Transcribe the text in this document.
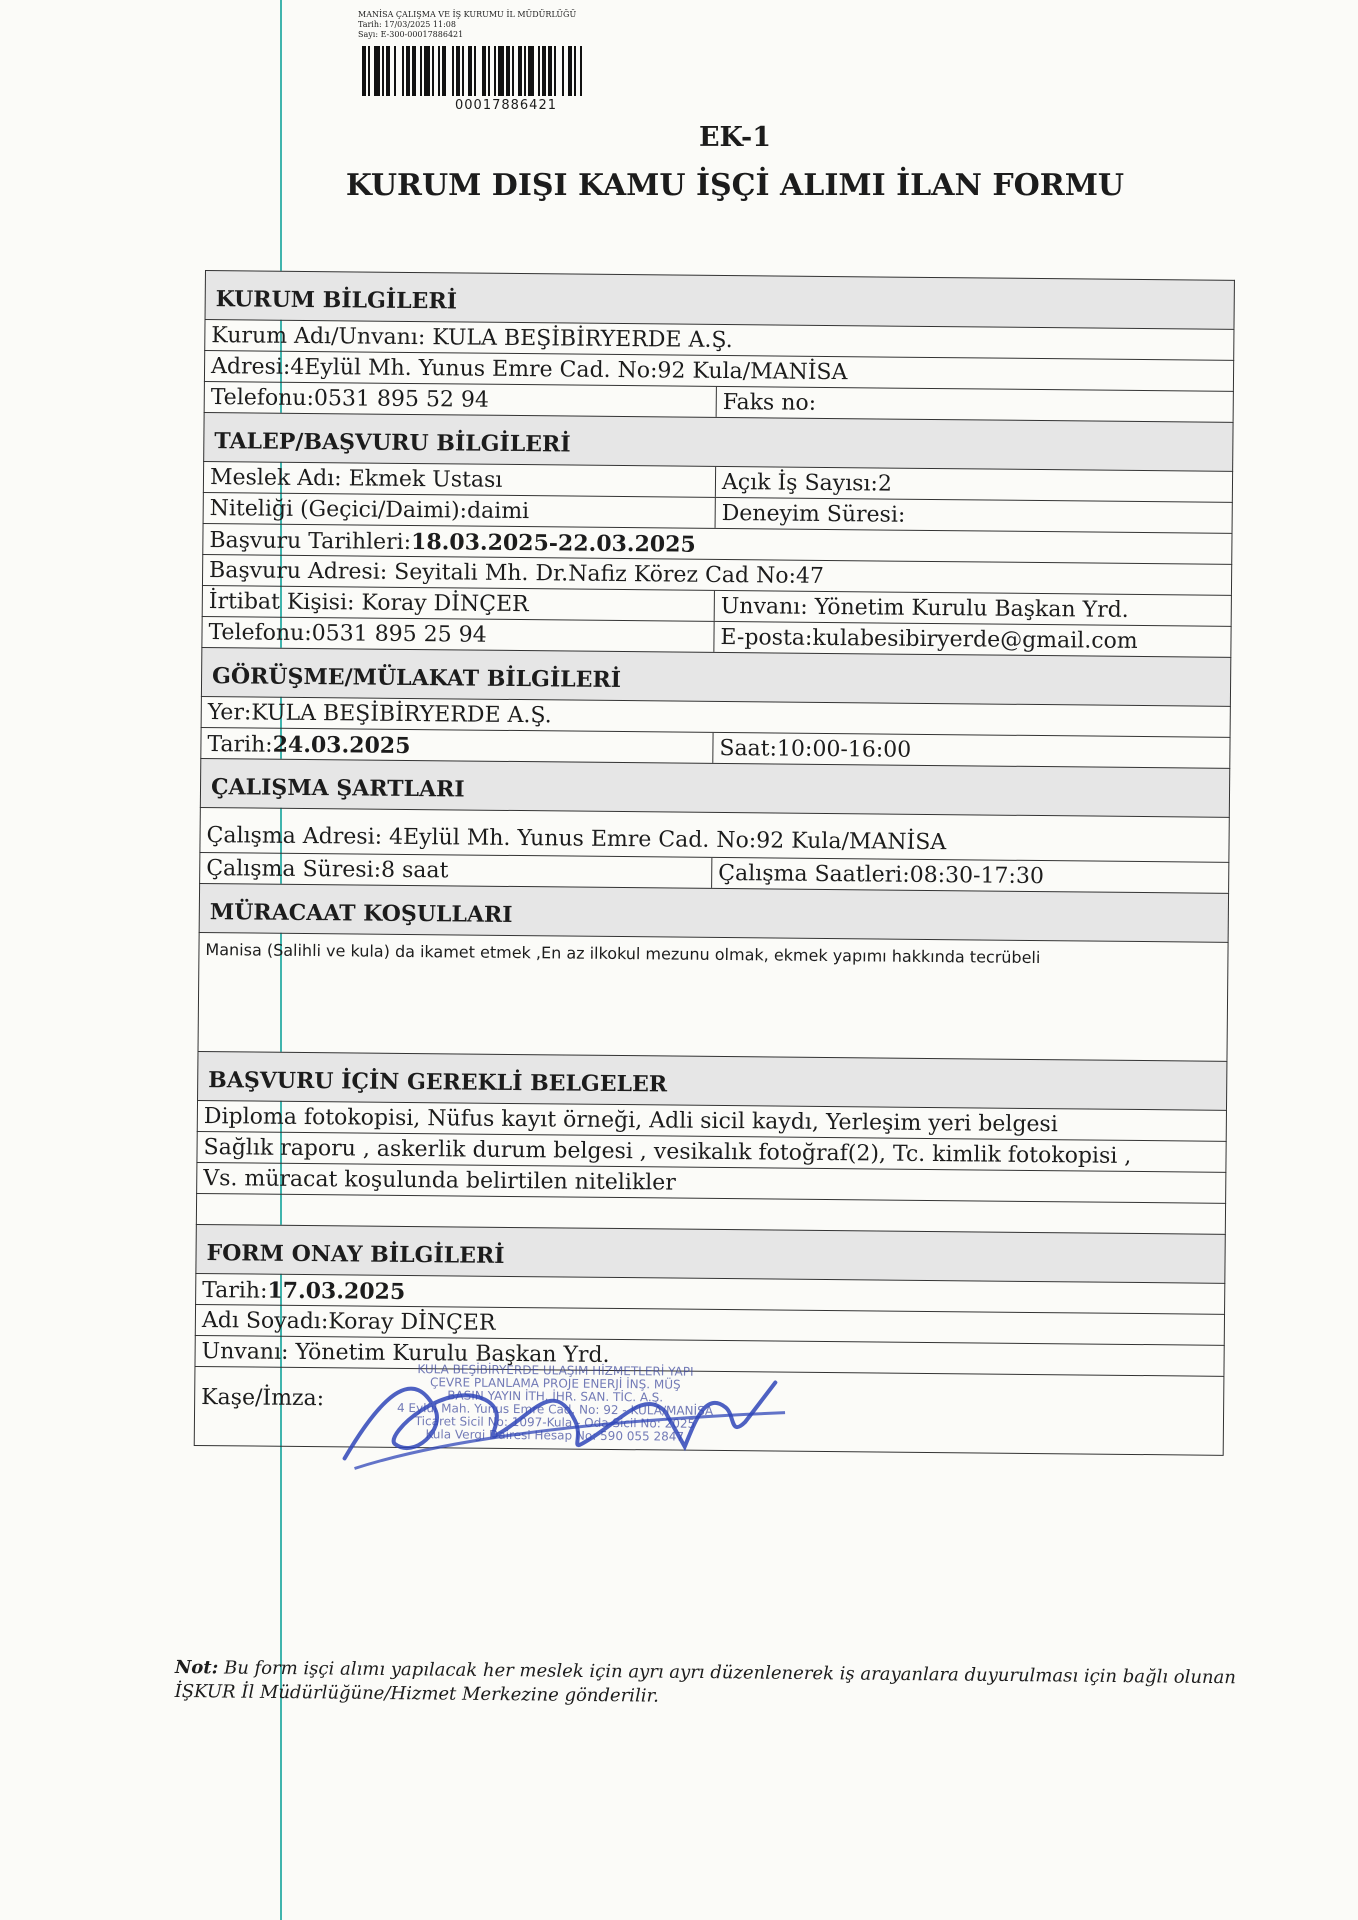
MANİSA ÇALIŞMA VE İŞ KURUMU İL MÜDÜRLÜĞÜ
Tarih: 17/03/2025 11:08
Sayı: E-300-00017886421
00017886421
EK-1
KURUM DIŞI KAMU İŞÇİ ALIMI İLAN FORMU
KURUM BİLGİLERİ
Kurum Adı/Unvanı: KULA BEŞİBİRYERDE A.Ş.
Adresi:4Eylül Mh. Yunus Emre Cad. No:92 Kula/MANİSA
Telefonu:0531 895 52 94	Faks no:
TALEP/BAŞVURU BİLGİLERİ
Meslek Adı: Ekmek Ustası	Açık İş Sayısı:2
Niteliği (Geçici/Daimi):daimi	Deneyim Süresi:
Başvuru Tarihleri:18.03.2025-22.03.2025
Başvuru Adresi: Seyitali Mh. Dr.Nafiz Körez Cad No:47
İrtibat Kişisi: Koray DİNÇER	Unvanı: Yönetim Kurulu Başkan Yrd.
Telefonu:0531 895 25 94	E-posta:kulabesibiryerde@gmail.com
GÖRÜŞME/MÜLAKAT BİLGİLERİ
Yer:KULA BEŞİBİRYERDE A.Ş.
Tarih:24.03.2025	Saat:10:00-16:00
ÇALIŞMA ŞARTLARI
Çalışma Adresi: 4Eylül Mh. Yunus Emre Cad. No:92 Kula/MANİSA
Çalışma Süresi:8 saat	Çalışma Saatleri:08:30-17:30
MÜRACAAT KOŞULLARI
Manisa (Salihli ve kula) da ikamet etmek ,En az ilkokul mezunu olmak, ekmek yapımı hakkında tecrübeli
BAŞVURU İÇİN GEREKLİ BELGELER
Diploma fotokopisi, Nüfus kayıt örneği, Adli sicil kaydı, Yerleşim yeri belgesi
Sağlık raporu , askerlik durum belgesi , vesikalık fotoğraf(2), Tc. kimlik fotokopisi ,
Vs. müracat koşulunda belirtilen nitelikler
FORM ONAY BİLGİLERİ
Tarih:17.03.2025
Adı Soyadı:Koray DİNÇER
Unvanı: Yönetim Kurulu Başkan Yrd.
Kaşe/İmza:
KULA BEŞİBİRYERDE ULAŞIM HİZMETLERİ YAPI
ÇEVRE PLANLAMA PROJE ENERJİ İNŞ. MÜŞ
BASIN YAYIN İTH. İHR. SAN. TİC. A.Ş.
4 Eylül Mah. Yunus Emre Cad. No: 92 - KULA/MANİSA
Ticaret Sicil No: 1097-Kula - Oda Sicil No: 2025
Kula Vergi Dairesi Hesap No: 590 055 2847
Not: Bu form işçi alımı yapılacak her meslek için ayrı ayrı düzenlenerek iş arayanlara duyurulması için bağlı olunan İŞKUR İl Müdürlüğüne/Hizmet Merkezine gönderilir.
